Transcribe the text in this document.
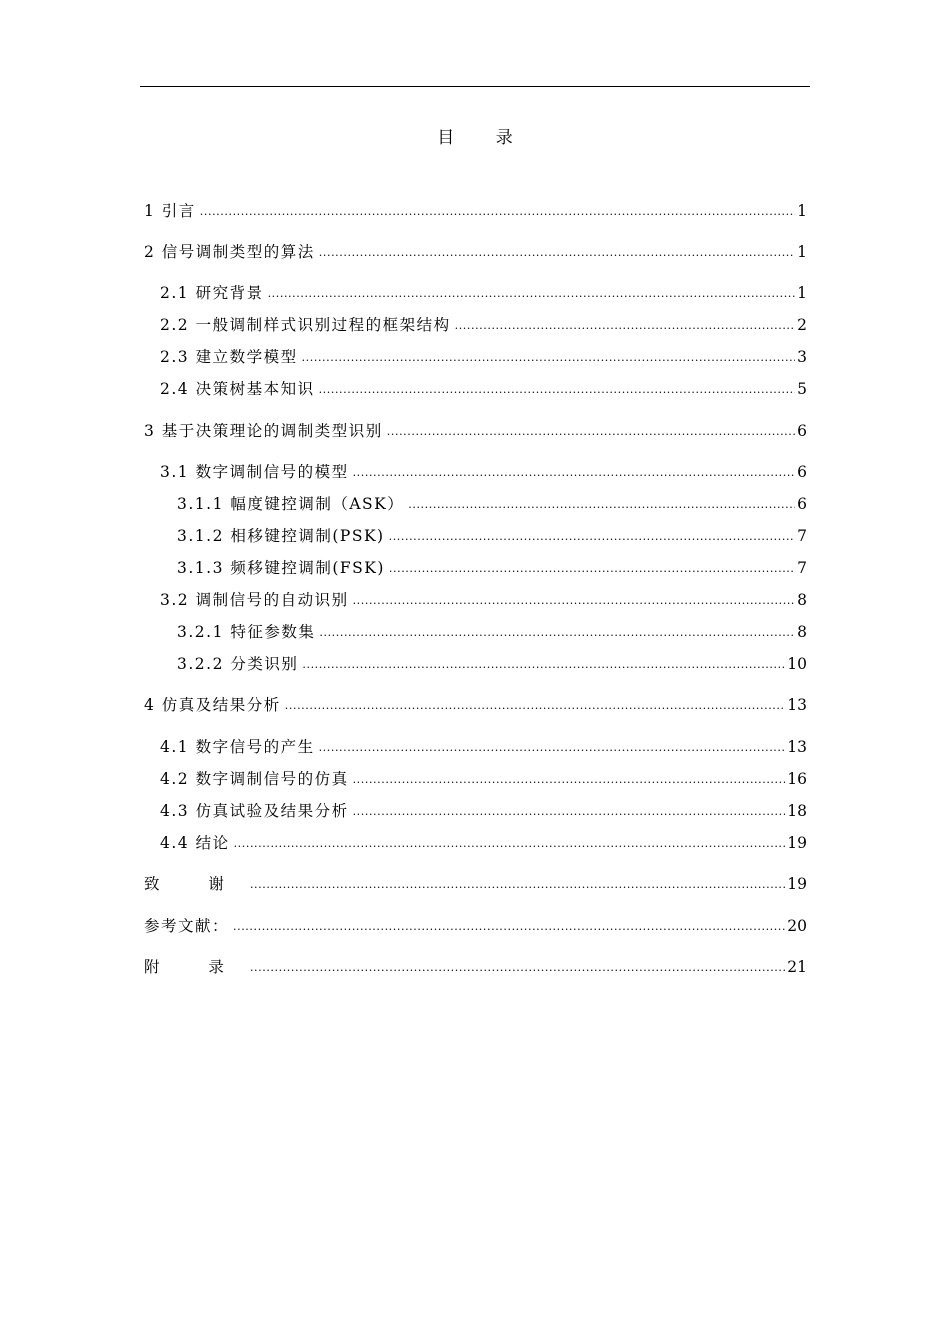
目 录
1 引言 .....	1
2 信号调制类型的算法 .....	1
2.1 研究背景 .....	1
2.2 一般调制样式识别过程的框架结构 .....	2
2.3 建立数学模型 .....	3
2.4 决策树基本知识 .....	5
3 基于决策理论的调制类型识别 .....	6
3.1 数字调制信号的模型 .....	6
3.1.1 幅度键控调制（ASK） .....	6
3.1.2 相移键控调制(PSK) .....	7
3.1.3 频移键控调制(FSK) .....	7
3.2 调制信号的自动识别 .....	8
3.2.1 特征参数集 .....	8
3.2.2 分类识别 .....	10
4 仿真及结果分析 .....	13
4.1 数字信号的产生 .....	13
4.2 数字调制信号的仿真 .....	16
4.3 仿真试验及结果分析 .....	18
4.4 结论 .....	19
致 谢 .....	19
参考文献： .....	20
附 录 .....	21
